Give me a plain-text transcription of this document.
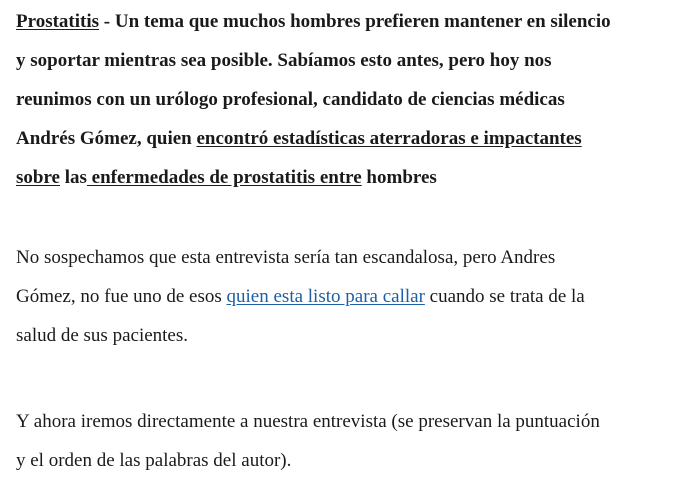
Prostatitis - Un tema que muchos hombres prefieren mantener en silencio
y soportar mientras sea posible. Sabíamos esto antes, pero hoy nos
reunimos con un urólogo profesional, candidato de ciencias médicas
Andrés Gómez, quien encontró estadísticas aterradoras e impactantes
sobre las enfermedades de prostatitis entre hombres

No sospechamos que esta entrevista sería tan escandalosa, pero Andres
Gómez, no fue uno de esos quien esta listo para callar cuando se trata de la
salud de sus pacientes.

Y ahora iremos directamente a nuestra entrevista (se preservan la puntuación
y el orden de las palabras del autor).
